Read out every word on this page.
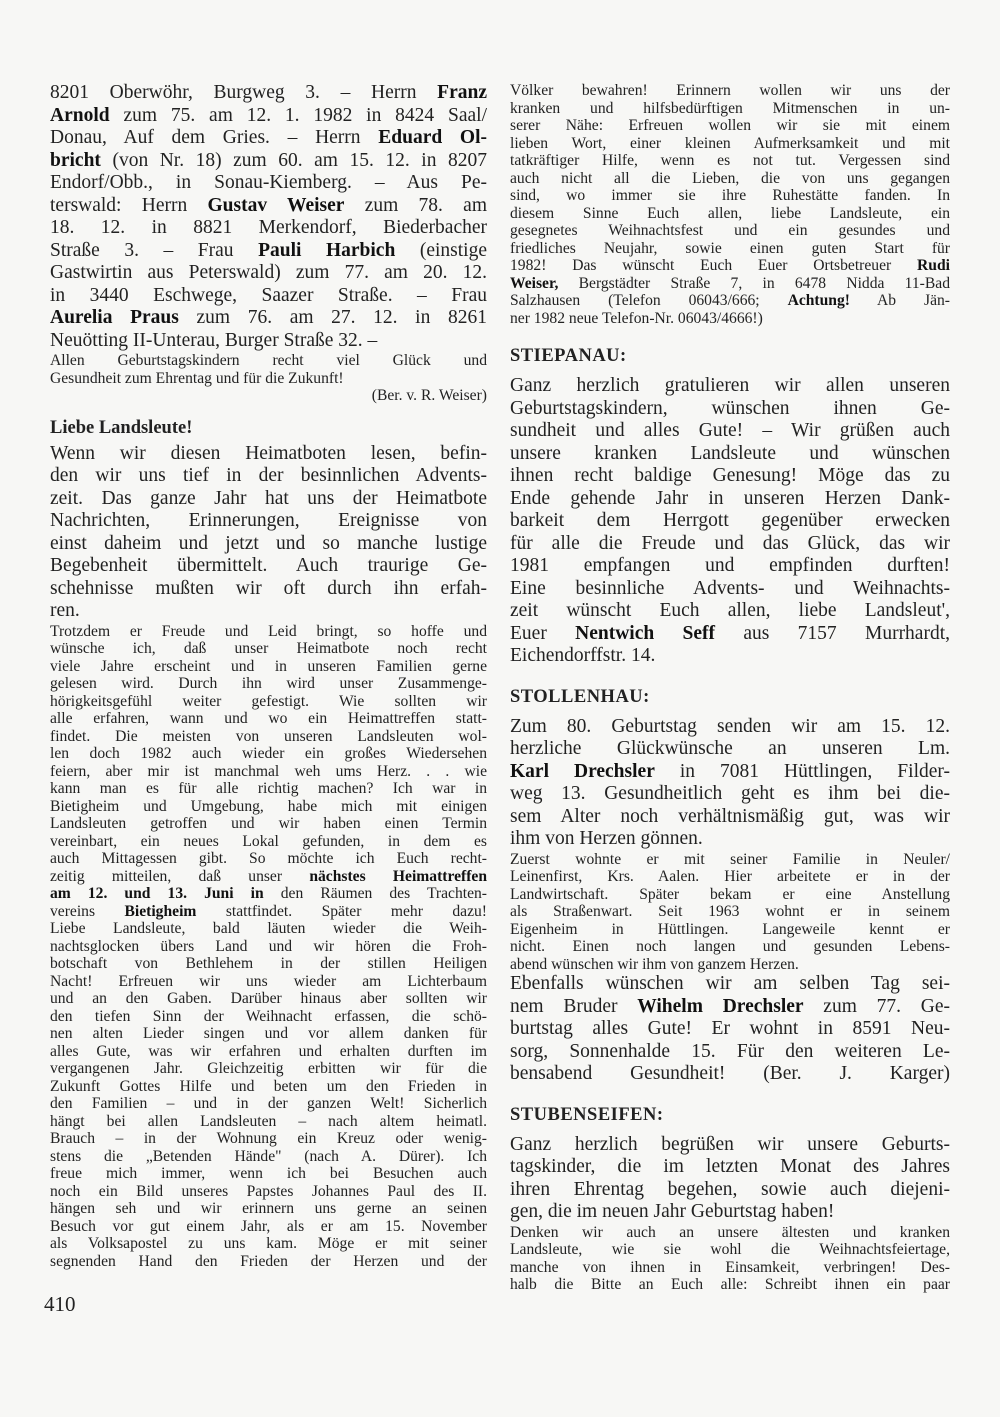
8201 Oberwöhr, Burgweg 3. – Herrn Franz
Arnold zum 75. am 12. 1. 1982 in 8424 Saal/
Donau, Auf dem Gries. – Herrn Eduard Ol-
bricht (von Nr. 18) zum 60. am 15. 12. in 8207
Endorf/Obb., in Sonau-Kiemberg. – Aus Pe-
terswald: Herrn Gustav Weiser zum 78. am
18. 12. in 8821 Merkendorf, Biederbacher
Straße 3. – Frau Pauli Harbich (einstige
Gastwirtin aus Peterswald) zum 77. am 20. 12.
in 3440 Eschwege, Saazer Straße. – Frau
Aurelia Praus zum 76. am 27. 12. in 8261
Neuötting II-Unterau, Burger Straße 32. –
Allen Geburtstagskindern recht viel Glück und
Gesundheit zum Ehrentag und für die Zukunft!
(Ber. v. R. Weiser)
Liebe Landsleute!
Wenn wir diesen Heimatboten lesen, befin-
den wir uns tief in der besinnlichen Advents-
zeit. Das ganze Jahr hat uns der Heimatbote
Nachrichten, Erinnerungen, Ereignisse von
einst daheim und jetzt und so manche lustige
Begebenheit übermittelt. Auch traurige Ge-
schehnisse mußten wir oft durch ihn erfah-
ren.
Trotzdem er Freude und Leid bringt, so hoffe und
wünsche ich, daß unser Heimatbote noch recht
viele Jahre erscheint und in unseren Familien gerne
gelesen wird. Durch ihn wird unser Zusammenge-
hörigkeitsgefühl weiter gefestigt. Wie sollten wir
alle erfahren, wann und wo ein Heimattreffen statt-
findet. Die meisten von unseren Landsleuten wol-
len doch 1982 auch wieder ein großes Wiedersehen
feiern, aber mir ist manchmal weh ums Herz. . . wie
kann man es für alle richtig machen? Ich war in
Bietigheim und Umgebung, habe mich mit einigen
Landsleuten getroffen und wir haben einen Termin
vereinbart, ein neues Lokal gefunden, in dem es
auch Mittagessen gibt. So möchte ich Euch recht-
zeitig mitteilen, daß unser nächstes Heimattreffen
am 12. und 13. Juni in den Räumen des Trachten-
vereins Bietigheim stattfindet. Später mehr dazu!
Liebe Landsleute, bald läuten wieder die Weih-
nachtsglocken übers Land und wir hören die Froh-
botschaft von Bethlehem in der stillen Heiligen
Nacht! Erfreuen wir uns wieder am Lichterbaum
und an den Gaben. Darüber hinaus aber sollten wir
den tiefen Sinn der Weihnacht erfassen, die schö-
nen alten Lieder singen und vor allem danken für
alles Gute, was wir erfahren und erhalten durften im
vergangenen Jahr. Gleichzeitig erbitten wir für die
Zukunft Gottes Hilfe und beten um den Frieden in
den Familien – und in der ganzen Welt! Sicherlich
hängt bei allen Landsleuten – nach altem heimatl.
Brauch – in der Wohnung ein Kreuz oder wenig-
stens die „Betenden Hände" (nach A. Dürer). Ich
freue mich immer, wenn ich bei Besuchen auch
noch ein Bild unseres Papstes Johannes Paul des II.
hängen seh und wir erinnern uns gerne an seinen
Besuch vor gut einem Jahr, als er am 15. November
als Volksapostel zu uns kam. Möge er mit seiner
segnenden Hand den Frieden der Herzen und der
Völker bewahren! Erinnern wollen wir uns der
kranken und hilfsbedürftigen Mitmenschen in un-
serer Nähe: Erfreuen wollen wir sie mit einem
lieben Wort, einer kleinen Aufmerksamkeit und mit
tatkräftiger Hilfe, wenn es not tut. Vergessen sind
auch nicht all die Lieben, die von uns gegangen
sind, wo immer sie ihre Ruhestätte fanden. In
diesem Sinne Euch allen, liebe Landsleute, ein
gesegnetes Weihnachtsfest und ein gesundes und
friedliches Neujahr, sowie einen guten Start für
1982! Das wünscht Euch Euer Ortsbetreuer Rudi
Weiser, Bergstädter Straße 7, in 6478 Nidda 11-Bad
Salzhausen (Telefon 06043/666; Achtung! Ab Jän-
ner 1982 neue Telefon-Nr. 06043/4666!)
STIEPANAU:
Ganz herzlich gratulieren wir allen unseren
Geburtstagskindern, wünschen ihnen Ge-
sundheit und alles Gute! – Wir grüßen auch
unsere kranken Landsleute und wünschen
ihnen recht baldige Genesung! Möge das zu
Ende gehende Jahr in unseren Herzen Dank-
barkeit dem Herrgott gegenüber erwecken
für alle die Freude und das Glück, das wir
1981 empfangen und empfinden durften!
Eine besinnliche Advents- und Weihnachts-
zeit wünscht Euch allen, liebe Landsleut',
Euer Nentwich Seff aus 7157 Murrhardt,
Eichendorffstr. 14.
STOLLENHAU:
Zum 80. Geburtstag senden wir am 15. 12.
herzliche Glückwünsche an unseren Lm.
Karl Drechsler in 7081 Hüttlingen, Filder-
weg 13. Gesundheitlich geht es ihm bei die-
sem Alter noch verhältnismäßig gut, was wir
ihm von Herzen gönnen.
Zuerst wohnte er mit seiner Familie in Neuler/
Leinenfirst, Krs. Aalen. Hier arbeitete er in der
Landwirtschaft. Später bekam er eine Anstellung
als Straßenwart. Seit 1963 wohnt er in seinem
Eigenheim in Hüttlingen. Langeweile kennt er
nicht. Einen noch langen und gesunden Lebens-
abend wünschen wir ihm von ganzem Herzen.
Ebenfalls wünschen wir am selben Tag sei-
nem Bruder Wihelm Drechsler zum 77. Ge-
burtstag alles Gute! Er wohnt in 8591 Neu-
sorg, Sonnenhalde 15. Für den weiteren Le-
bensabend Gesundheit! (Ber. J. Karger)
STUBENSEIFEN:
Ganz herzlich begrüßen wir unsere Geburts-
tagskinder, die im letzten Monat des Jahres
ihren Ehrentag begehen, sowie auch diejeni-
gen, die im neuen Jahr Geburtstag haben!
Denken wir auch an unsere ältesten und kranken
Landsleute, wie sie wohl die Weihnachtsfeiertage,
manche von ihnen in Einsamkeit, verbringen! Des-
halb die Bitte an Euch alle: Schreibt ihnen ein paar
410
